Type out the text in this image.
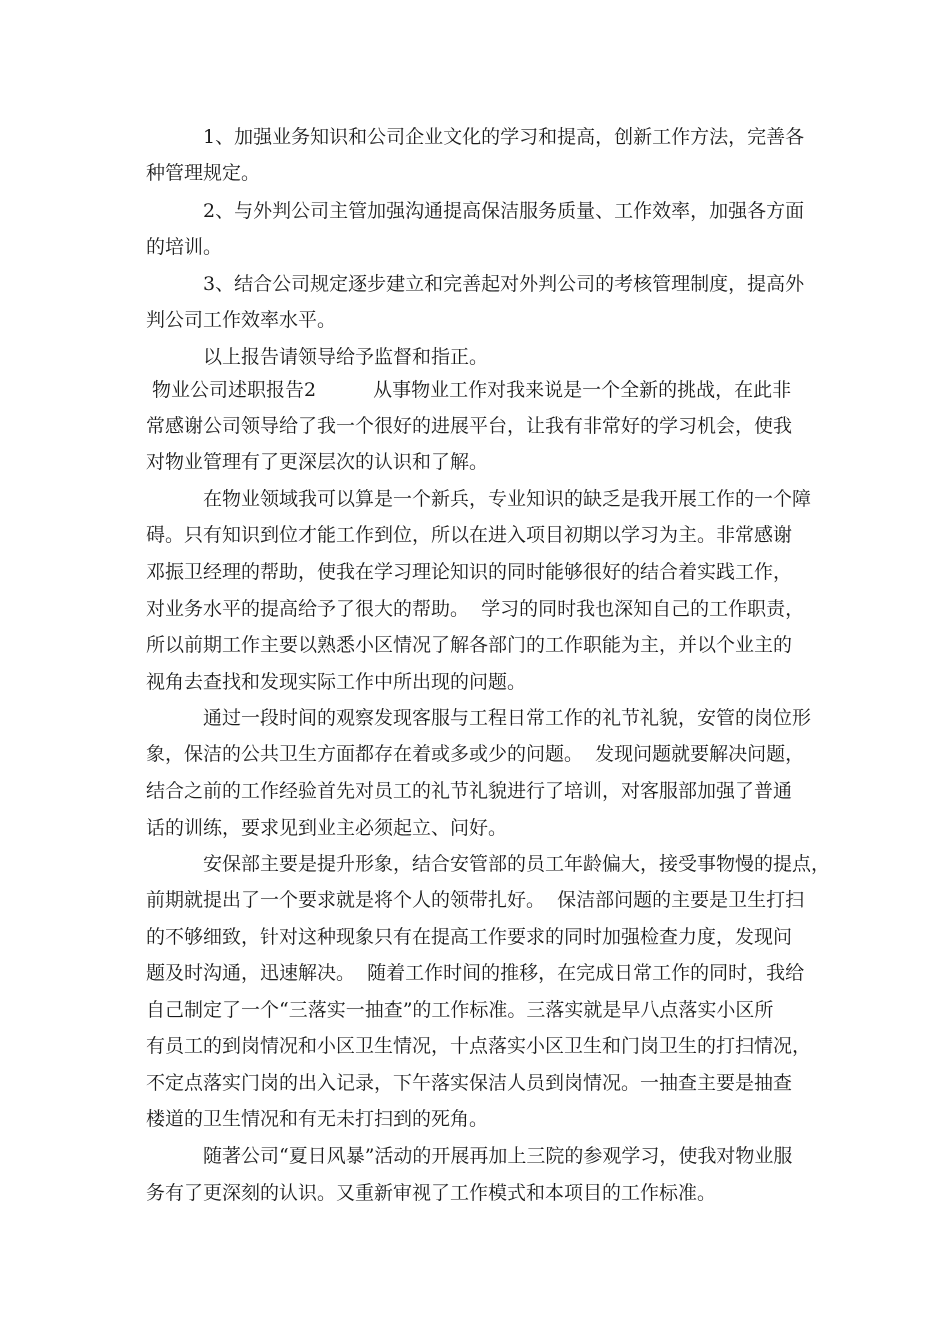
　　　1、加强业务知识和公司企业文化的学习和提高，创新工作方法，完善各
种管理规定。
　　　2、与外判公司主管加强沟通提高保洁服务质量、工作效率，加强各方面
的培训。
　　　3、结合公司规定逐步建立和完善起对外判公司的考核管理制度，提高外
判公司工作效率水平。
　　　以上报告请领导给予监督和指正。
物业公司述职报告2　　　从事物业工作对我来说是一个全新的挑战，在此非
常感谢公司领导给了我一个很好的进展平台，让我有非常好的学习机会，使我
对物业管理有了更深层次的认识和了解。
　　　在物业领域我可以算是一个新兵，专业知识的缺乏是我开展工作的一个障
碍。只有知识到位才能工作到位，所以在进入项目初期以学习为主。非常感谢
邓振卫经理的帮助，使我在学习理论知识的同时能够很好的结合着实践工作，
对业务水平的提高给予了很大的帮助。  学习的同时我也深知自己的工作职责，
所以前期工作主要以熟悉小区情况了解各部门的工作职能为主，并以个业主的
视角去查找和发现实际工作中所出现的问题。
　　　通过一段时间的观察发现客服与工程日常工作的礼节礼貌，安管的岗位形
象，保洁的公共卫生方面都存在着或多或少的问题。  发现问题就要解决问题，
结合之前的工作经验首先对员工的礼节礼貌进行了培训，对客服部加强了普通
话的训练，要求见到业主必须起立、问好。
　　　安保部主要是提升形象，结合安管部的员工年龄偏大，接受事物慢的提点，
前期就提出了一个要求就是将个人的领带扎好。  保洁部问题的主要是卫生打扫
的不够细致，针对这种现象只有在提高工作要求的同时加强检查力度，发现问
题及时沟通，迅速解决。  随着工作时间的推移，在完成日常工作的同时，我给
自己制定了一个“三落实一抽查”的工作标准。三落实就是早八点落实小区所
有员工的到岗情况和小区卫生情况，十点落实小区卫生和门岗卫生的打扫情况，
不定点落实门岗的出入记录，下午落实保洁人员到岗情况。一抽查主要是抽查
楼道的卫生情况和有无未打扫到的死角。
　　　随著公司“夏日风暴”活动的开展再加上三院的参观学习，使我对物业服
务有了更深刻的认识。又重新审视了工作模式和本项目的工作标准。
